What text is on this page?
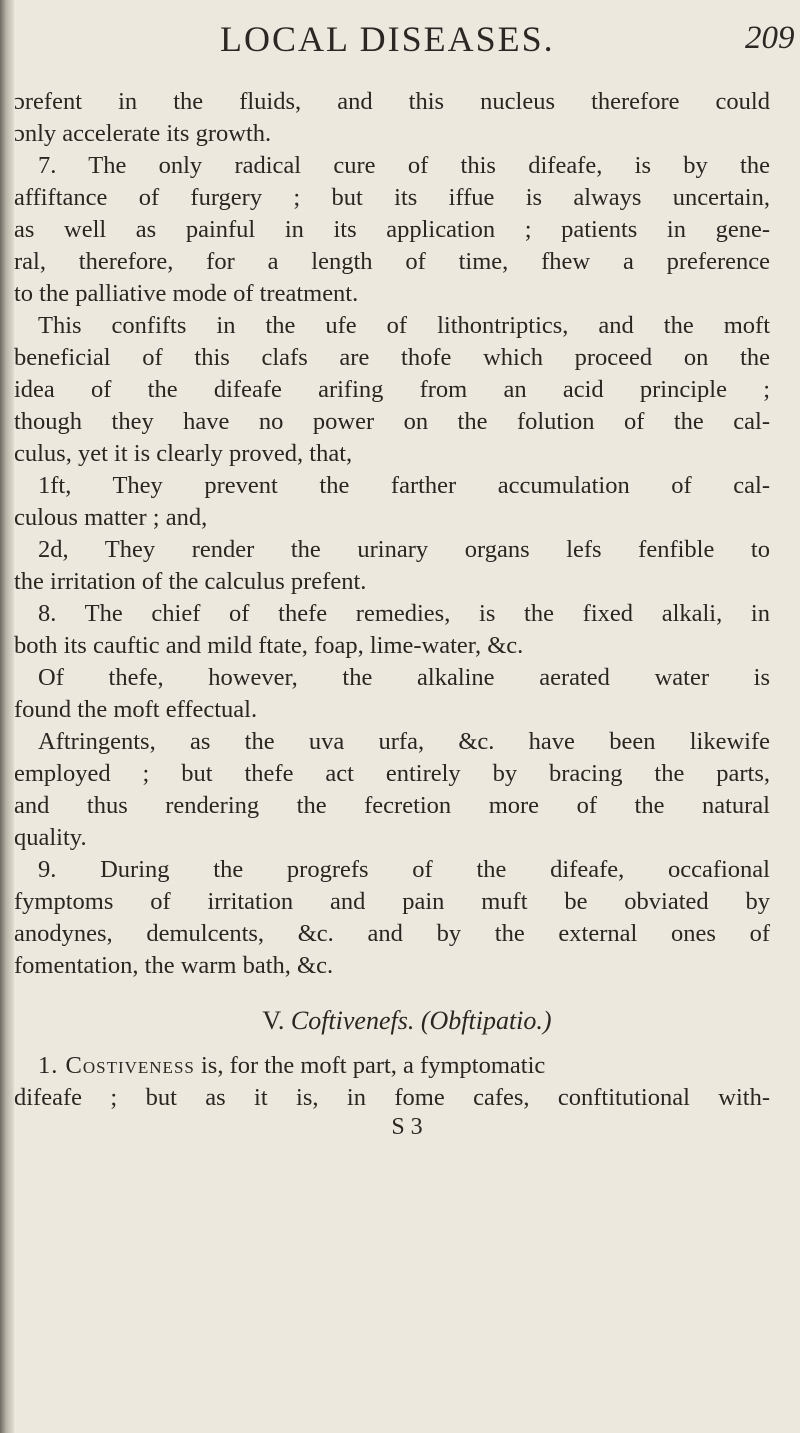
LOCAL DISEASES.	209
ɔrefent in the fluids, and this nucleus therefore could
ɔnly accelerate its growth.
7. The only radical cure of this difeafe, is by the
affiftance of furgery ; but its iffue is always uncertain,
as well as painful in its application ; patients in gene-
ral, therefore, for a length of time, fhew a preference
to the palliative mode of treatment.
This confifts in the ufe of lithontriptics, and the moft
beneficial of this clafs are thofe which proceed on the
idea of the difeafe arifing from an acid principle ;
though they have no power on the folution of the cal-
culus, yet it is clearly proved, that,
1ft, They prevent the farther accumulation of cal-
culous matter ; and,
2d, They render the urinary organs lefs fenfible to
the irritation of the calculus prefent.
8. The chief of thefe remedies, is the fixed alkali, in
both its cauftic and mild ftate, foap, lime-water, &c.
Of thefe, however, the alkaline aerated water is
found the moft effectual.
Aftringents, as the uva urfa, &c. have been likewife
employed ; but thefe act entirely by bracing the parts,
and thus rendering the fecretion more of the natural
quality.
9. During the progrefs of the difeafe, occafional
fymptoms of irritation and pain muft be obviated by
anodynes, demulcents, &c. and by the external ones of
fomentation, the warm bath, &c.
V. Coftivenefs. (Obftipatio.)
1. Costiveness is, for the moft part, a fymptomatic
difeafe ; but as it is, in fome cafes, conftitutional with-
S 3
